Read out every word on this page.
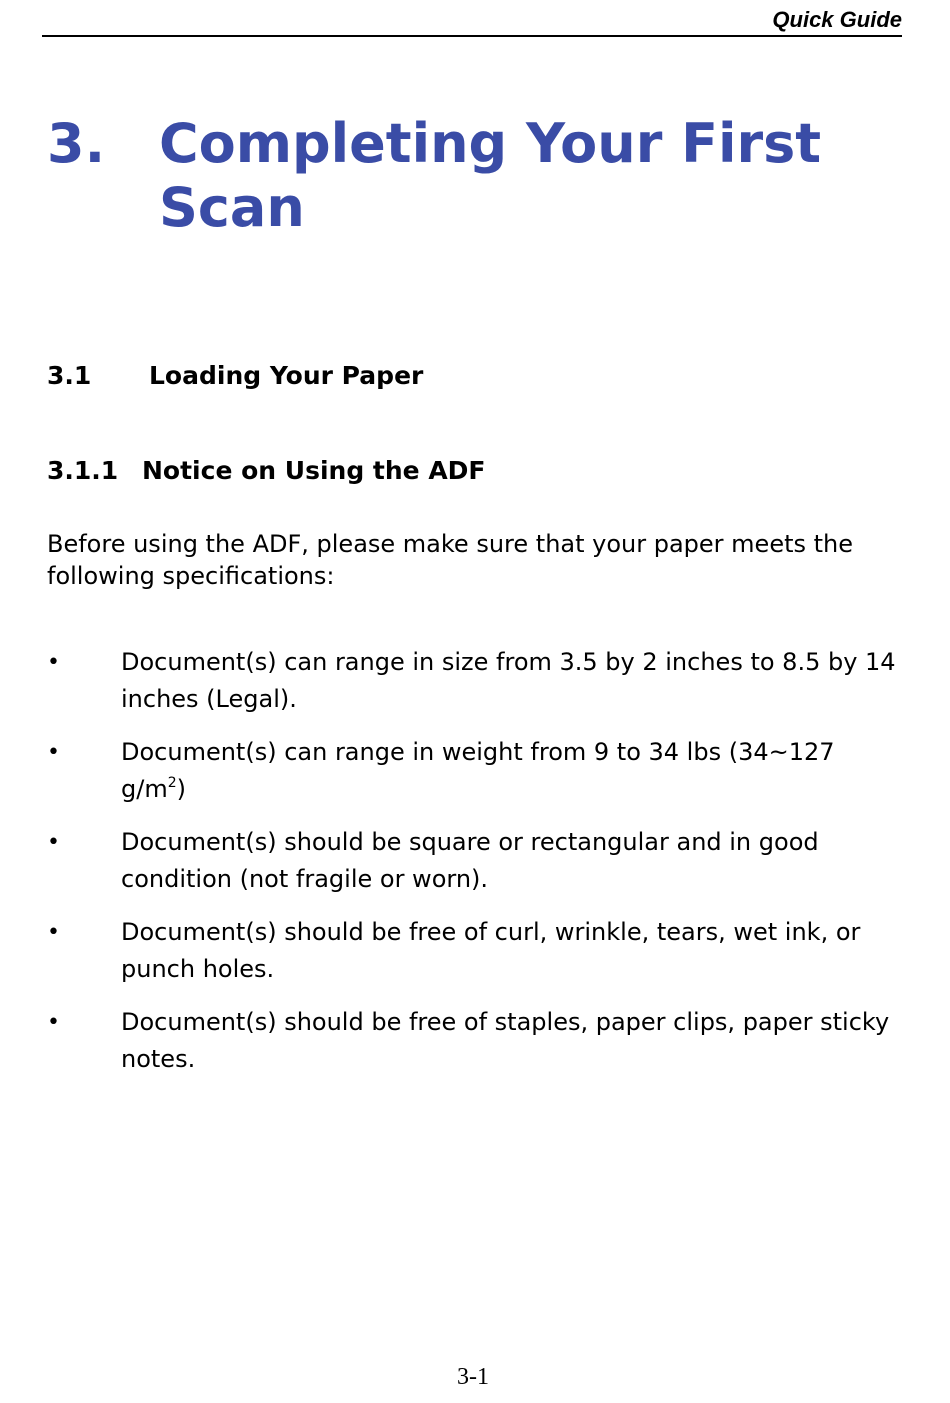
Quick Guide
3. Completing Your First Scan
3.1	Loading Your Paper
3.1.1 Notice on Using the ADF

Before using the ADF, please make sure that your paper meets the following specifications:

•	Document(s) can range in size from 3.5 by 2 inches to 8.5 by 14 inches (Legal).
•	Document(s) can range in weight from 9 to 34 lbs (34~127 $g/m^2$)
•	Document(s) should be square or rectangular and in good condition (not fragile or worn).
•	Document(s) should be free of curl, wrinkle, tears, wet ink, or punch holes.
•	Document(s) should be free of staples, paper clips, paper sticky notes.
3-1
